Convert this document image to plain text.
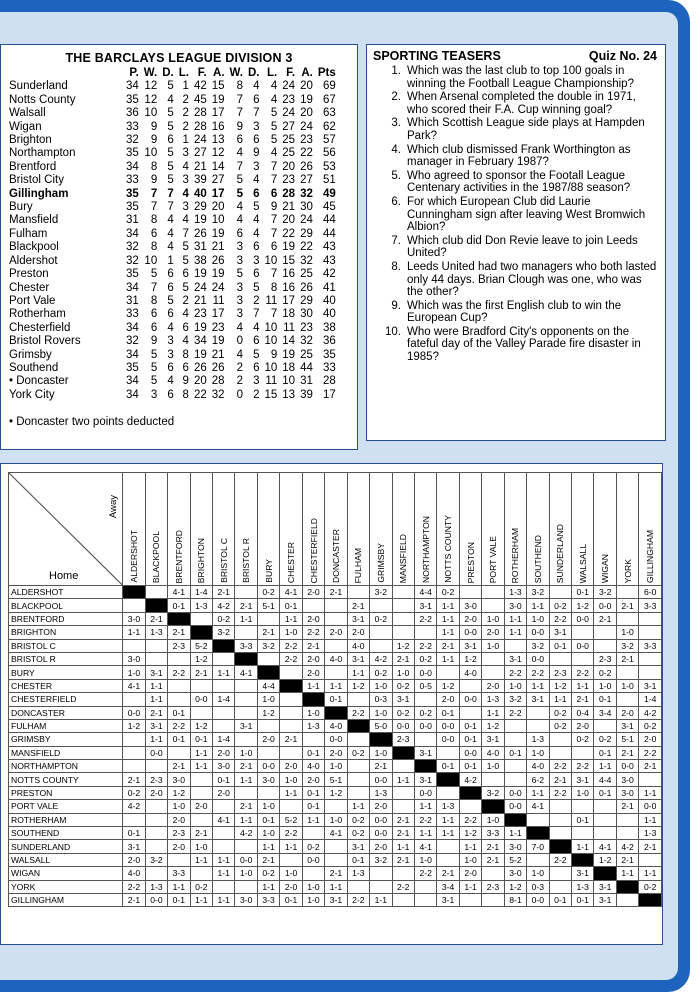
THE BARCLAYS LEAGUE DIVISION 3
	P.	W.	D.	L.	F.	A.	W.	D.	L.	F.	A.	Pts
Sunderland	34	12	5	1	42	15	8	4	4	24	20	69
Notts County	35	12	4	2	45	19	7	6	4	23	19	67
Walsall	36	10	5	2	28	17	7	7	5	24	20	63
Wigan	33	9	5	2	28	16	9	3	5	27	24	62
Brighton	32	9	6	1	24	13	6	6	5	25	23	57
Northampton	35	10	5	3	27	12	4	9	4	25	22	56
Brentford	34	8	5	4	21	14	7	3	7	20	26	53
Bristol City	33	9	5	3	39	27	5	4	7	23	27	51
Gillingham	35	7	7	4	40	17	5	6	6	28	32	49
Bury	35	7	7	3	29	20	4	5	9	21	30	45
Mansfield	31	8	4	4	19	10	4	4	7	20	24	44
Fulham	34	6	4	7	26	19	6	4	7	22	29	44
Blackpool	32	8	4	5	31	21	3	6	6	19	22	43
Aldershot	32	10	1	5	38	26	3	3	10	15	32	43
Preston	35	5	6	6	19	19	5	6	7	16	25	42
Chester	34	7	6	5	24	24	3	5	8	16	26	41
Port Vale	31	8	5	2	21	11	3	2	11	17	29	40
Rotherham	33	6	6	4	23	17	3	7	7	18	30	40
Chesterfield	34	6	4	6	19	23	4	4	10	11	23	38
Bristol Rovers	32	9	3	4	34	19	0	6	10	14	32	36
Grimsby	34	5	3	8	19	21	4	5	9	19	25	35
Southend	35	5	6	6	26	26	2	6	10	18	44	33
• Doncaster	34	5	4	9	20	28	2	3	11	10	31	28
York City	34	3	6	8	22	32	0	2	15	13	39	17
• Doncaster two points deducted
SPORTING TEASERS	Quiz No. 24
1. Which was the last club to top 100 goals in winning the Football League Championship?
2. When Arsenal completed the double in 1971, who scored their F.A. Cup winning goal?
3. Which Scottish League side plays at Hampden Park?
4. Which club dismissed Frank Worthington as manager in February 1987?
5. Who agreed to sponsor the Footall League Centenary activities in the 1987/88 season?
6. For which European Club did Laurie Cunningham sign after leaving West Bromwich Albion?
7. Which club did Don Revie leave to join Leeds United?
8. Leeds United had two managers who both lasted only 44 days. Brian Clough was one, who was the other?
9. Which was the first English club to win the European Cup?
10. Who were Bradford City's opponents on the fateful day of the Valley Parade fire disaster in 1985?
Away
Home	ALDERSHOT	BLACKPOOL	BRENTFORD	BRIGHTON	BRISTOL C	BRISTOL R	BURY	CHESTER	CHESTERFIELD	DONCASTER	FULHAM	GRIMSBY	MANSFIELD	NORTHAMPTON	NOTTS COUNTY	PRESTON	PORT VALE	ROTHERHAM	SOUTHEND	SUNDERLAND	WALSALL	WIGAN	YORK	GILLINGHAM
ALDERSHOT			4-1	1-4	2-1		0-2	4-1	2-0	2-1		3-2		4-4	0-2			1-3	3-2		0-1	3-2		6-0
BLACKPOOL			0-1	1-3	4-2	2-1	5-1	0-1			2-1			3-1	1-1	3-0		3-0	1-1	0-2	1-2	0-0	2-1	3-3
BRENTFORD	3-0	2-1			0-2	1-1		1-1	2-0		3-1	0-2		2-2	1-1	2-0	1-0	1-1	1-0	2-2	0-0	2-1		
BRIGHTON	1-1	1-3	2-1		3-2		2-1	1-0	2-2	2-0	2-0				1-1	0-0	2-0	1-1	0-0	3-1			1-0	
BRISTOL C			2-3	5-2		3-3	3-2	2-2	2-1		4-0		1-2	2-2	2-1	3-1	1-0		3-2	0-1	0-0		3-2	3-3
BRISTOL R	3-0			1-2				2-2	2-0	4-0	3-1	4-2	2-1	0-2	1-1	1-2		3-1	0-0			2-3	2-1	
BURY	1-0	3-1	2-2	2-1	1-1	4-1			2-0		1-1	0-2	1-0	0-0		4-0		2-2	2-2	2-3	2-2	0-2		
CHESTER	4-1	1-1					4-4		1-1	1-1	1-2	1-0	0-2	0-5	1-2		2-0	1-0	1-1	1-2	1-1	1-0	1-0	3-1
CHESTERFIELD		1-1		0-0	1-4		1-0			0-1		0-3	3-1		2-0	0-0	1-3	3-2	3-1	1-1	2-1	0-1		1-4
DONCASTER	0-0	2-1	0-1				1-2		1-0		2-2	1-0	0-2	0-2	0-1		1-1	2-2		0-2	0-4	3-4	2-0	4-2
FULHAM	1-2	3-1	2-2	1-2		3-1			1-3	4-0		5-0	0-0	0-0	0-0	0-1	1-2			0-2	2-0		3-1	0-2
GRIMSBY		1-1	0-1	0-1	1-4		2-0	2-1		0-0			2-3		0-0	0-1	3-1		1-3		0-2	0-2	5-1	2-0
MANSFIELD		0-0		1-1	2-0	1-0			0-1	2-0	0-2	1-0		3-1		0-0	4-0	0-1	1-0			0-1	2-1	2-2
NORTHAMPTON			2-1	1-1	3-0	2-1	0-0	2-0	4-0	1-0		2-1			0-1	0-1	1-0		4-0	2-2	2-2	1-1	0-0	2-1
NOTTS COUNTY	2-1	2-3	3-0		0-1	1-1	3-0	1-0	2-0	5-1		0-0	1-1	3-1		4-2			6-2	2-1	3-1	4-4	3-0	
PRESTON	0-2	2-0	1-2		2-0			1-1	0-1	1-2		1-3		0-0			3-2	0-0	1-1	2-2	1-0	0-1	3-0	1-1
PORT VALE	4-2		1-0	2-0		2-1	1-0		0-1		1-1	2-0		1-1	1-3			0-0	4-1				2-1	0-0
ROTHERHAM			2-0		4-1	1-1	0-1	5-2	1-1	1-0	0-2	0-0	2-1	2-2	1-1	2-2	1-0				0-1			1-1
SOUTHEND	0-1		2-3	2-1		4-2	1-0	2-2		4-1	0-2	0-0	2-1	1-1	1-1	1-2	3-3	1-1						1-3
SUNDERLAND	3-1		2-0	1-0			1-1	1-1	0-2		3-1	2-0	1-1	4-1		1-1	2-1	3-0	7-0		1-1	4-1	4-2	2-1
WALSALL	2-0	3-2		1-1	1-1	0-0	2-1		0-0		0-1	3-2	2-1	1-0		1-0	2-1	5-2		2-2		1-2	2-1	
WIGAN	4-0		3-3		1-1	1-0	0-2	1-0		2-1	1-3			2-2	2-1	2-0		3-0	1-0		3-1		1-1	1-1
YORK	2-2	1-3	1-1	0-2			1-1	2-0	1-0	1-1			2-2		3-4	1-1	2-3	1-2	0-3		1-3	3-1		0-2
GILLINGHAM	2-1	0-0	0-1	1-1	1-1	3-0	3-3	0-1	1-0	3-1	2-2	1-1			3-1			8-1	0-0	0-1	0-1	3-1		
